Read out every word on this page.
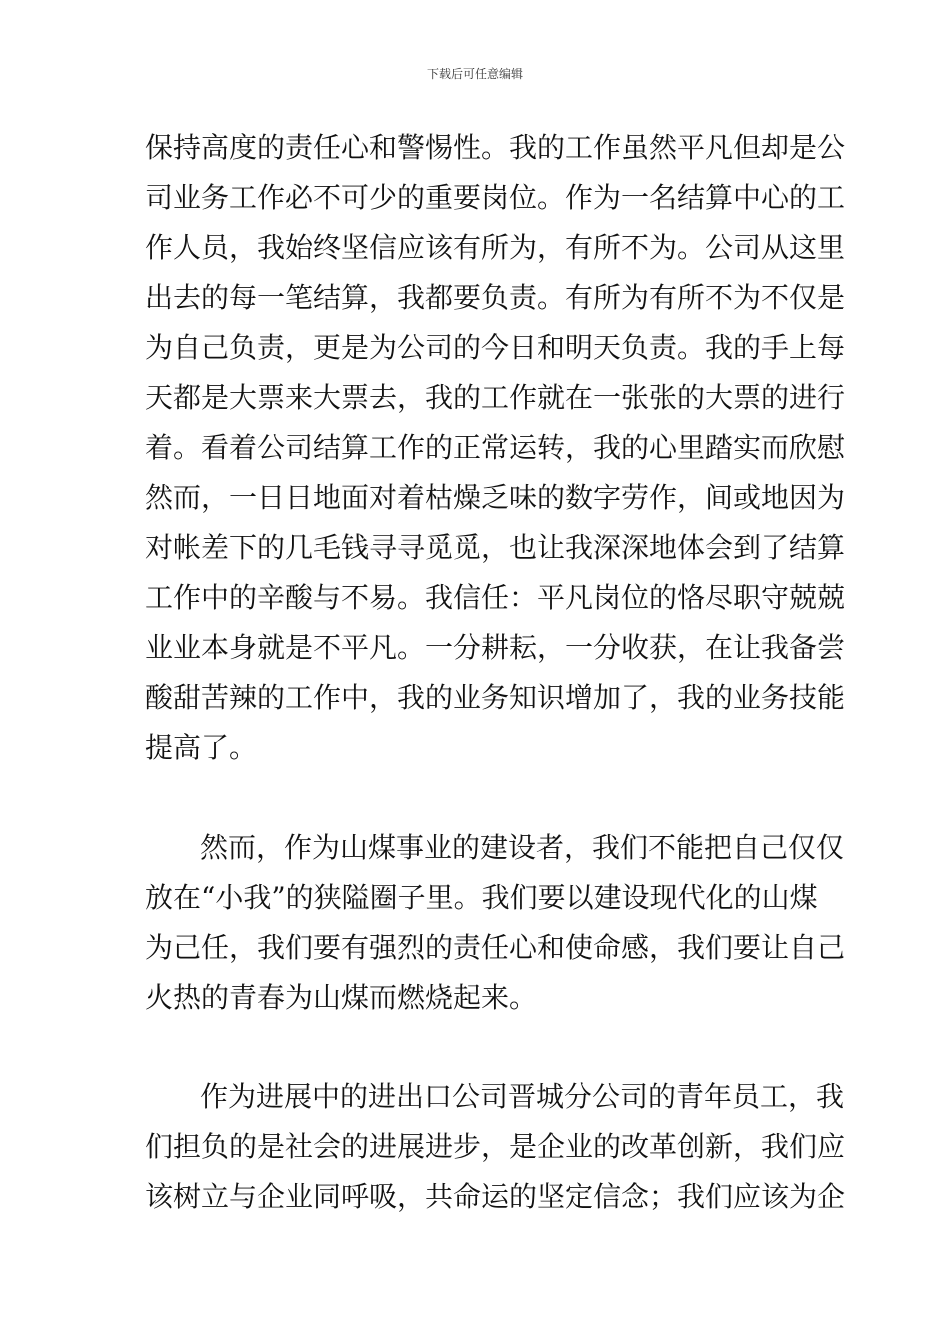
下载后可任意编辑
保持高度的责任心和警惕性。我的工作虽然平凡但却是公
司业务工作必不可少的重要岗位。作为一名结算中心的工
作人员，我始终坚信应该有所为，有所不为。公司从这里
出去的每一笔结算，我都要负责。有所为有所不为不仅是
为自己负责，更是为公司的今日和明天负责。我的手上每
天都是大票来大票去，我的工作就在一张张的大票的进行
着。看着公司结算工作的正常运转，我的心里踏实而欣慰
然而，一日日地面对着枯燥乏味的数字劳作，间或地因为
对帐差下的几毛钱寻寻觅觅，也让我深深地体会到了结算
工作中的辛酸与不易。我信任：平凡岗位的恪尽职守兢兢
业业本身就是不平凡。一分耕耘，一分收获，在让我备尝
酸甜苦辣的工作中，我的业务知识增加了，我的业务技能
提高了。
然而，作为山煤事业的建设者，我们不能把自己仅仅
放在“小我”的狭隘圈子里。我们要以建设现代化的山煤
为己任，我们要有强烈的责任心和使命感，我们要让自己
火热的青春为山煤而燃烧起来。
作为进展中的进出口公司晋城分公司的青年员工，我
们担负的是社会的进展进步，是企业的改革创新，我们应
该树立与企业同呼吸，共命运的坚定信念；我们应该为企
